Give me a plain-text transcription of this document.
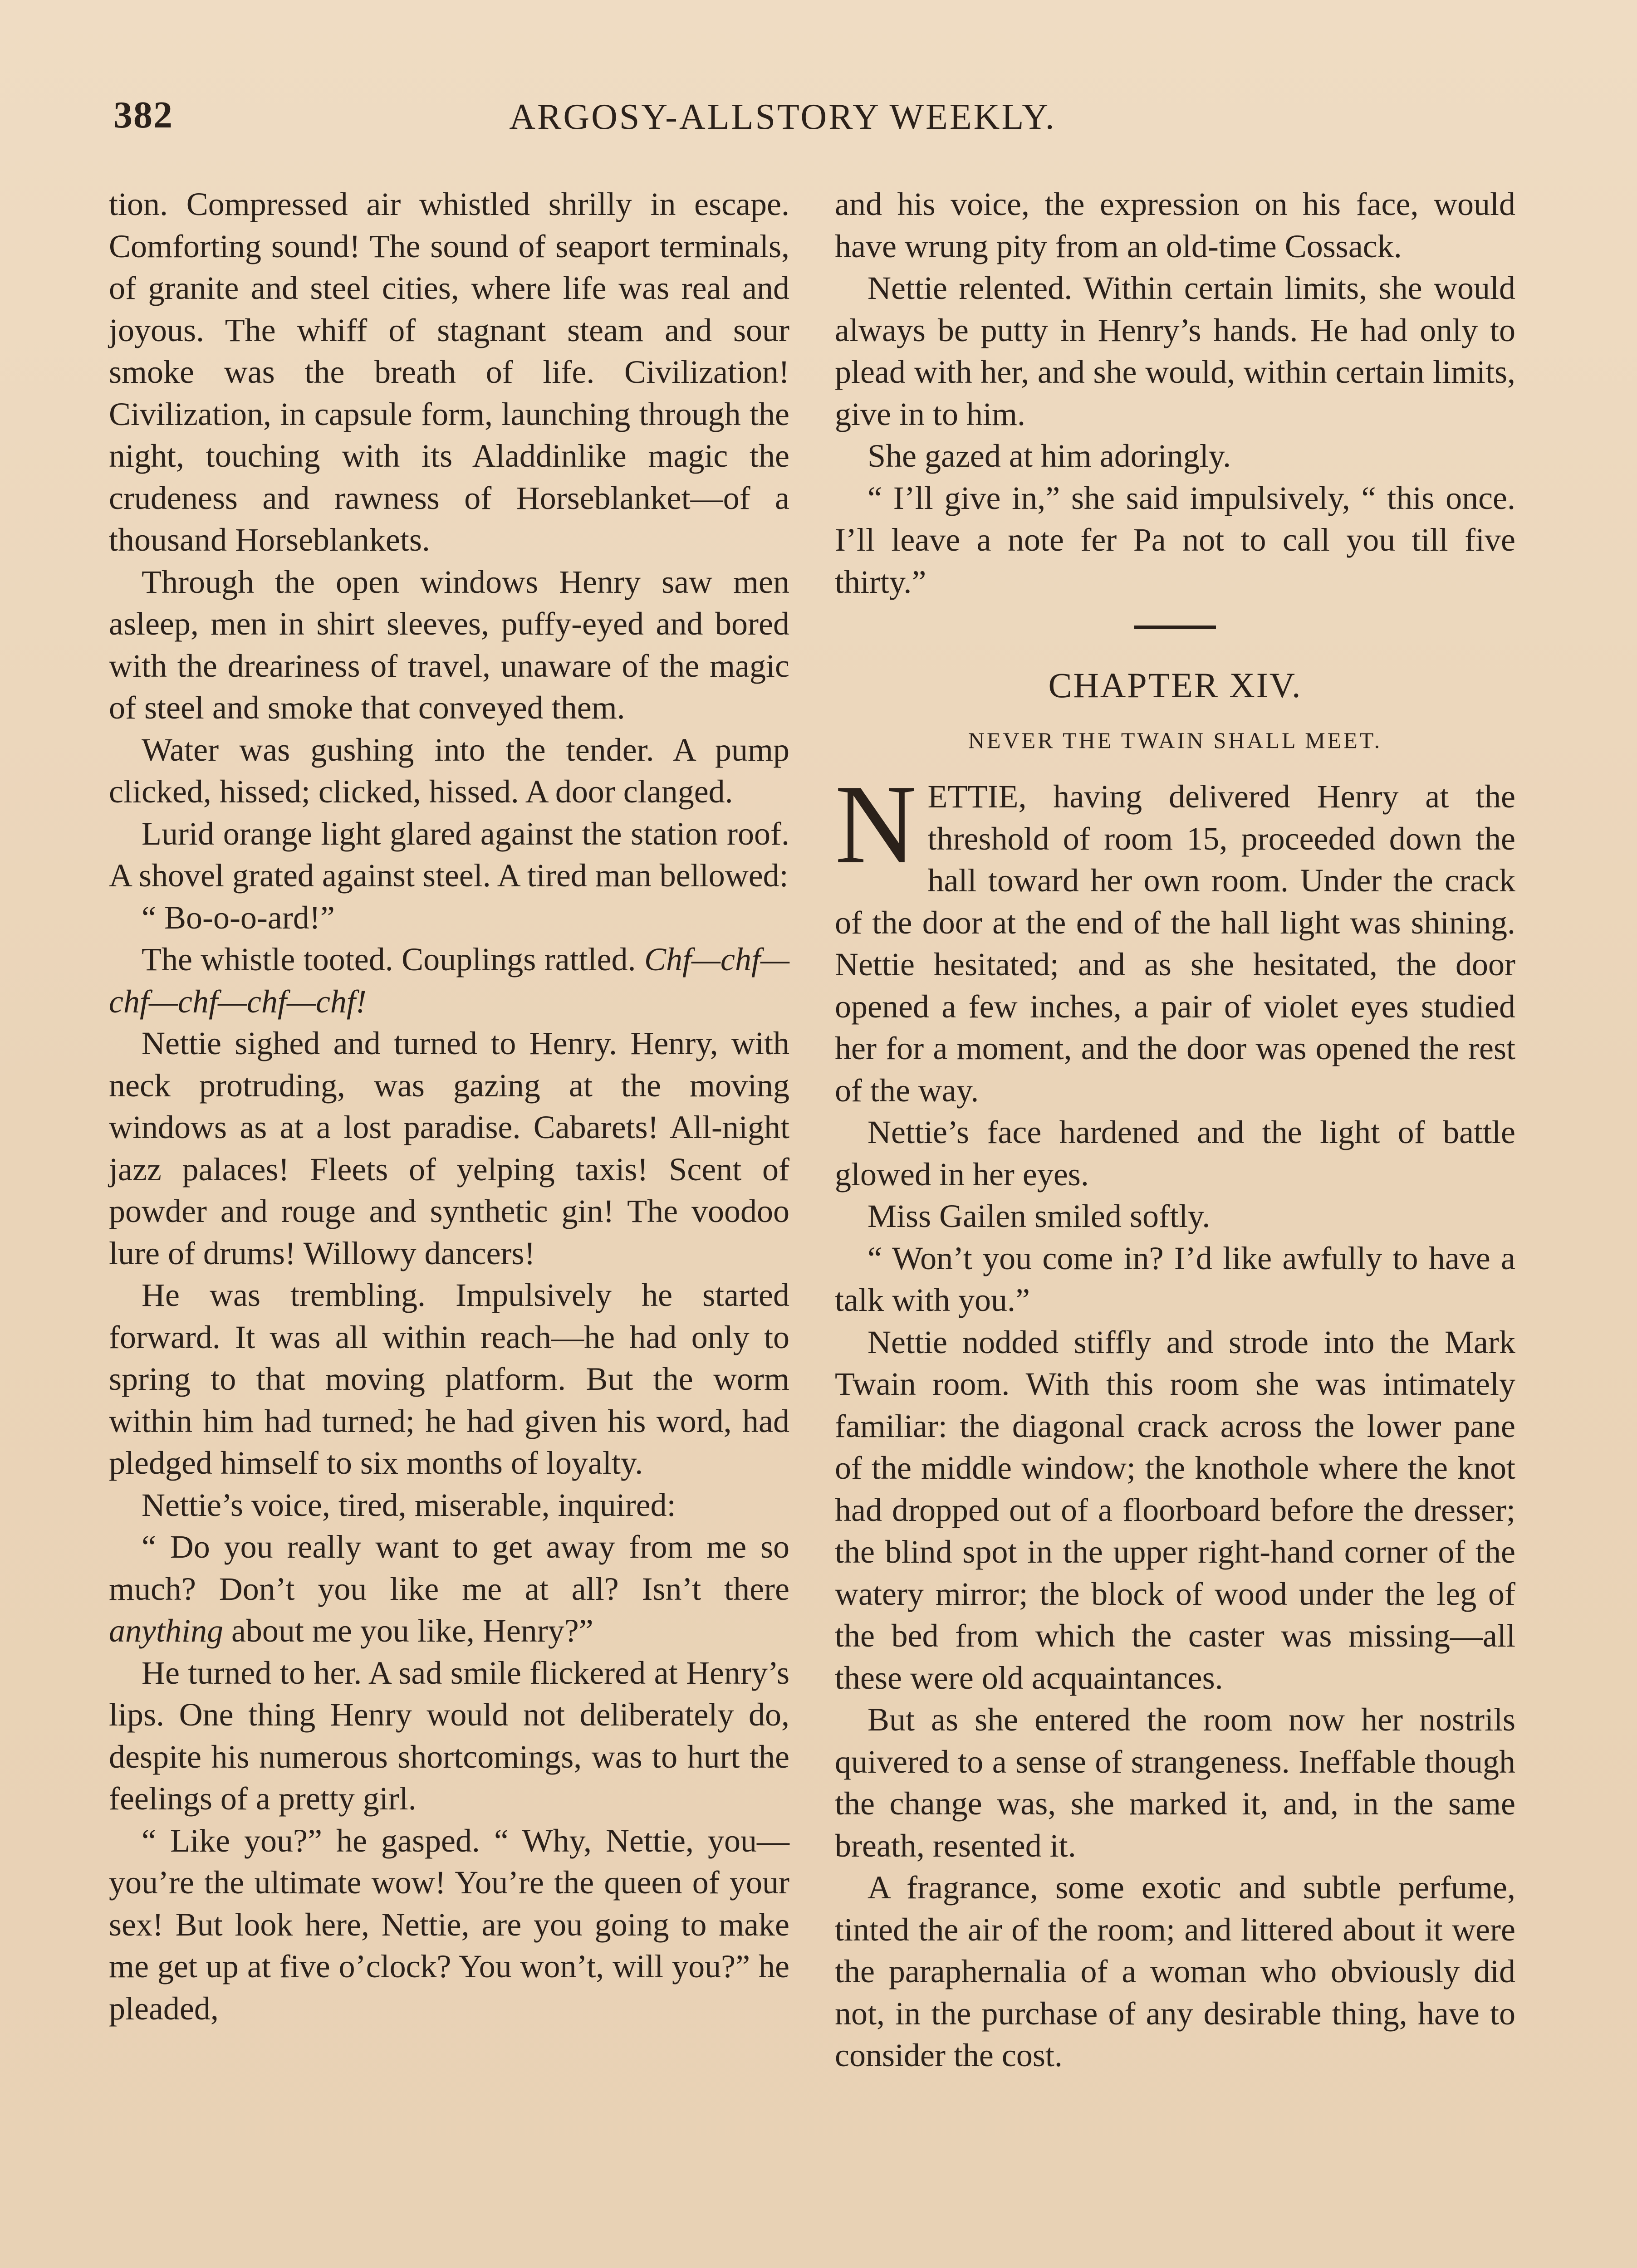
382	ARGOSY-ALLSTORY WEEKLY.

tion. Compressed air whistled shrilly in escape. Comforting sound! The sound of seaport terminals, of granite and steel cities, where life was real and joyous. The whiff of stagnant steam and sour smoke was the breath of life. Civilization! Civilization, in capsule form, launching through the night, touching with its Aladdinlike magic the crudeness and rawness of Horseblanket—of a thousand Horseblankets.

Through the open windows Henry saw men asleep, men in shirt sleeves, puffy-eyed and bored with the dreariness of travel, unaware of the magic of steel and smoke that conveyed them.

Water was gushing into the tender. A pump clicked, hissed; clicked, hissed. A door clanged.

Lurid orange light glared against the station roof. A shovel grated against steel. A tired man bellowed:

“ Bo-o-o-ard!”

The whistle tooted. Couplings rattled. Chf—chf—chf—chf—chf—chf!

Nettie sighed and turned to Henry. Henry, with neck protruding, was gazing at the moving windows as at a lost paradise. Cabarets! All-night jazz palaces! Fleets of yelping taxis! Scent of powder and rouge and synthetic gin! The voodoo lure of drums! Willowy dancers!

He was trembling. Impulsively he started forward. It was all within reach—he had only to spring to that moving platform. But the worm within him had turned; he had given his word, had pledged himself to six months of loyalty.

Nettie’s voice, tired, miserable, inquired:

“ Do you really want to get away from me so much? Don’t you like me at all? Isn’t there anything about me you like, Henry?”

He turned to her. A sad smile flickered at Henry’s lips. One thing Henry would not deliberately do, despite his numerous shortcomings, was to hurt the feelings of a pretty girl.

“ Like you?” he gasped. “ Why, Nettie, you—you’re the ultimate wow! You’re the queen of your sex! But look here, Nettie, are you going to make me get up at five o’clock? You won’t, will you?” he pleaded,

and his voice, the expression on his face, would have wrung pity from an old-time Cossack.

Nettie relented. Within certain limits, she would always be putty in Henry’s hands. He had only to plead with her, and she would, within certain limits, give in to him.

She gazed at him adoringly.

“ I’ll give in,” she said impulsively, “ this once. I’ll leave a note fer Pa not to call you till five thirty.”

CHAPTER XIV.
NEVER THE TWAIN SHALL MEET.

NETTIE, having delivered Henry at the threshold of room 15, proceeded down the hall toward her own room. Under the crack of the door at the end of the hall light was shining. Nettie hesitated; and as she hesitated, the door opened a few inches, a pair of violet eyes studied her for a moment, and the door was opened the rest of the way.

Nettie’s face hardened and the light of battle glowed in her eyes.

Miss Gailen smiled softly.

“ Won’t you come in? I’d like awfully to have a talk with you.”

Nettie nodded stiffly and strode into the Mark Twain room. With this room she was intimately familiar: the diagonal crack across the lower pane of the middle window; the knothole where the knot had dropped out of a floorboard before the dresser; the blind spot in the upper right-hand corner of the watery mirror; the block of wood under the leg of the bed from which the caster was missing—all these were old acquaintances.

But as she entered the room now her nostrils quivered to a sense of strangeness. Ineffable though the change was, she marked it, and, in the same breath, resented it.

A fragrance, some exotic and subtle perfume, tinted the air of the room; and littered about it were the paraphernalia of a woman who obviously did not, in the purchase of any desirable thing, have to consider the cost.
